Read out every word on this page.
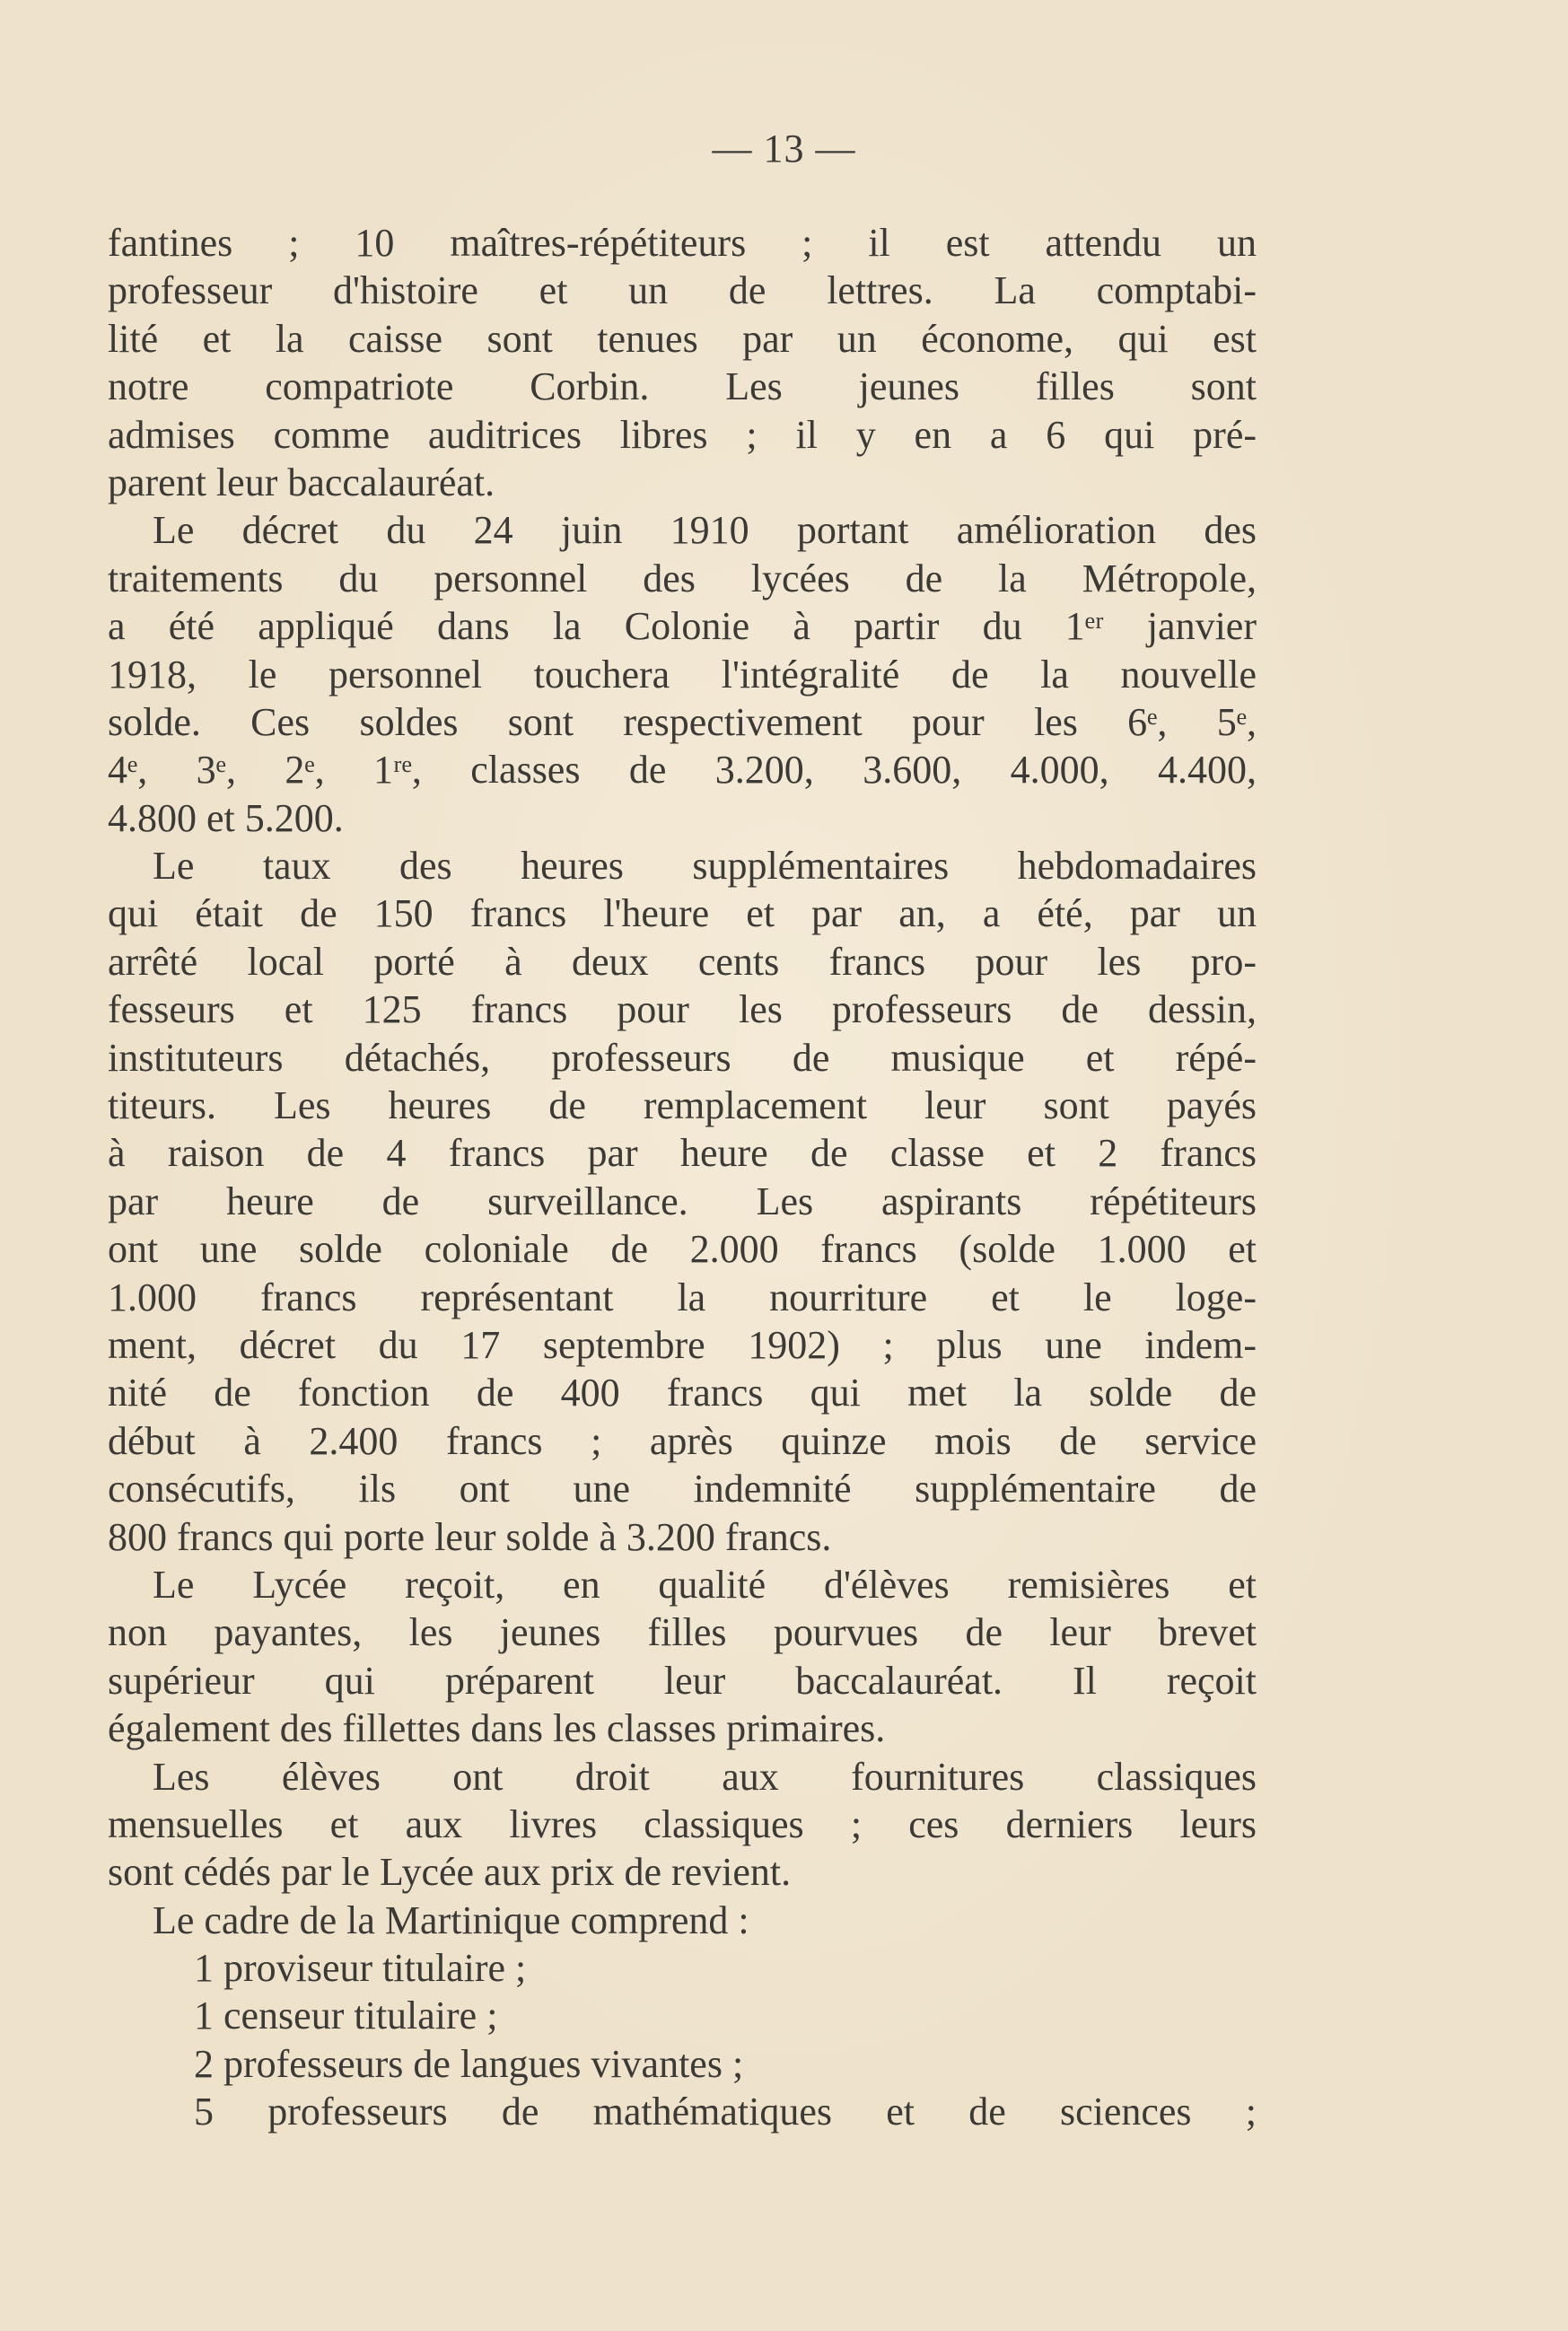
— 13 —
fantines ; 10 maîtres-répétiteurs ; il est attendu un
professeur d'histoire et un de lettres. La comptabi-
lité et la caisse sont tenues par un économe, qui est
notre compatriote Corbin. Les jeunes filles sont
admises comme auditrices libres ; il y en a 6 qui pré-
parent leur baccalauréat.
Le décret du 24 juin 1910 portant amélioration des
traitements du personnel des lycées de la Métropole,
a été appliqué dans la Colonie à partir du 1ᵉʳ janvier
1918, le personnel touchera l'intégralité de la nouvelle
solde. Ces soldes sont respectivement pour les 6ᵉ, 5ᵉ,
4ᵉ, 3ᵉ, 2ᵉ, 1ʳᵉ, classes de 3.200, 3.600, 4.000, 4.400,
4.800 et 5.200.
Le taux des heures supplémentaires hebdomadaires
qui était de 150 francs l'heure et par an, a été, par un
arrêté local porté à deux cents francs pour les pro-
fesseurs et 125 francs pour les professeurs de dessin,
instituteurs détachés, professeurs de musique et répé-
titeurs. Les heures de remplacement leur sont payés
à raison de 4 francs par heure de classe et 2 francs
par heure de surveillance. Les aspirants répétiteurs
ont une solde coloniale de 2.000 francs (solde 1.000 et
1.000 francs représentant la nourriture et le loge-
ment, décret du 17 septembre 1902) ; plus une indem-
nité de fonction de 400 francs qui met la solde de
début à 2.400 francs ; après quinze mois de service
consécutifs, ils ont une indemnité supplémentaire de
800 francs qui porte leur solde à 3.200 francs.
Le Lycée reçoit, en qualité d'élèves remisières et
non payantes, les jeunes filles pourvues de leur brevet
supérieur qui préparent leur baccalauréat. Il reçoit
également des fillettes dans les classes primaires.
Les élèves ont droit aux fournitures classiques
mensuelles et aux livres classiques ; ces derniers leurs
sont cédés par le Lycée aux prix de revient.
Le cadre de la Martinique comprend :
1 proviseur titulaire ;
1 censeur titulaire ;
2 professeurs de langues vivantes ;
5 professeurs de mathématiques et de sciences ;
